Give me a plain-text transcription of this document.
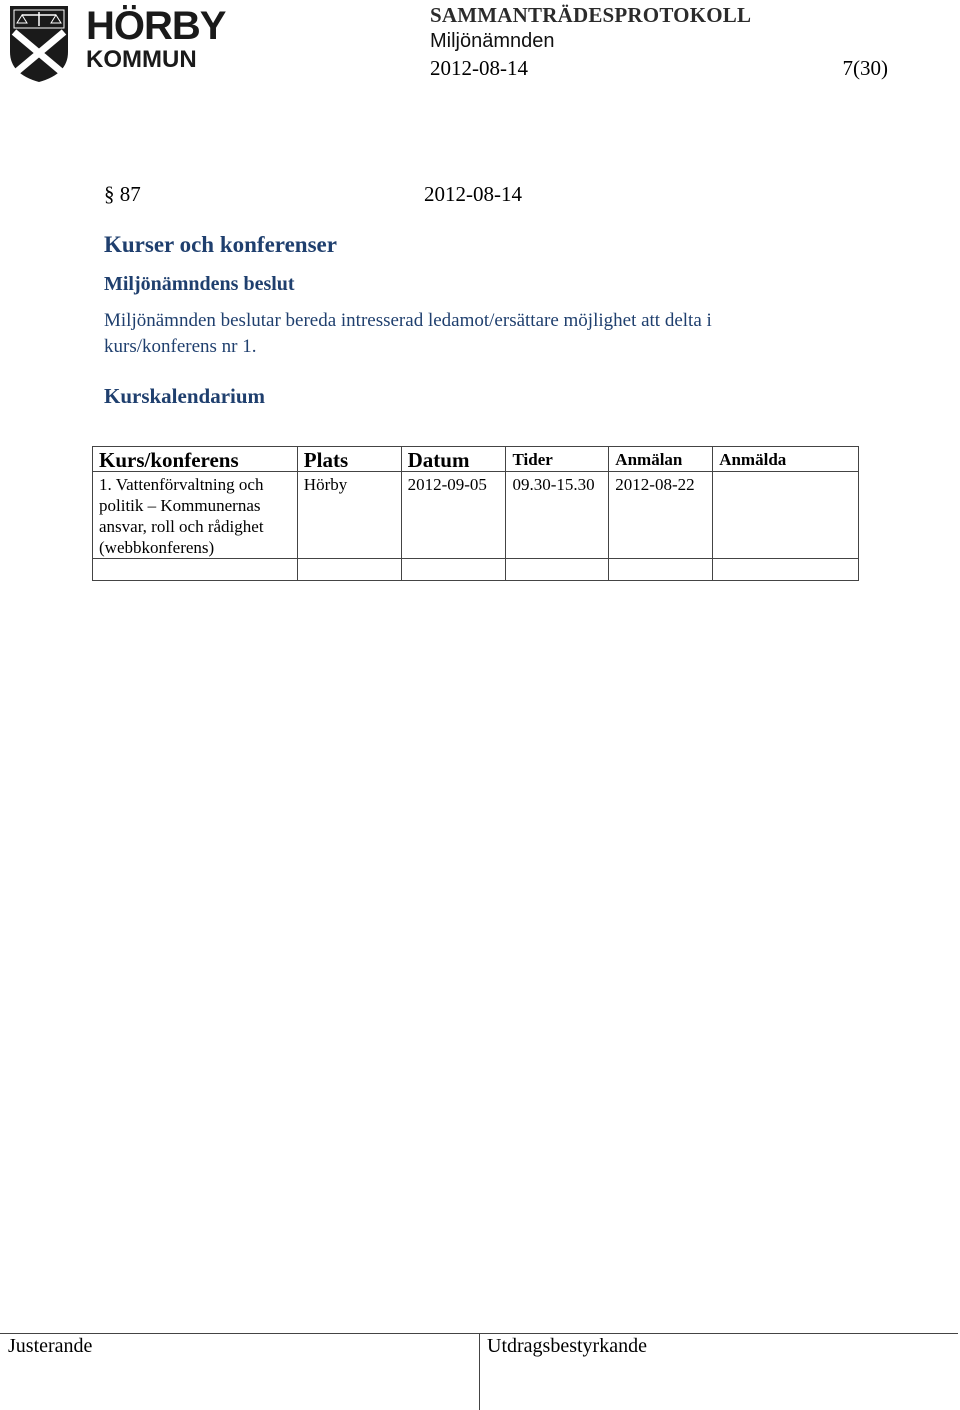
HÖRBY
KOMMUN
SAMMANTRÄDESPROTOKOLL
Miljönämnden
2012-08-14	7(30)
§ 87	2012-08-14
Kurser och konferenser
Miljönämndens beslut
Miljönämnden beslutar bereda intresserad ledamot/ersättare möjlighet att delta i kurs/konferens nr 1.
Kurskalendarium
Kurs/konferens	Plats	Datum	Tider	Anmälan	Anmälda
1. Vattenförvaltning och politik – Kommunernas ansvar, roll och rådighet (webbkonferens)	Hörby	2012-09-05	09.30-15.30	2012-08-22	

Justerande	Utdragsbestyrkande
